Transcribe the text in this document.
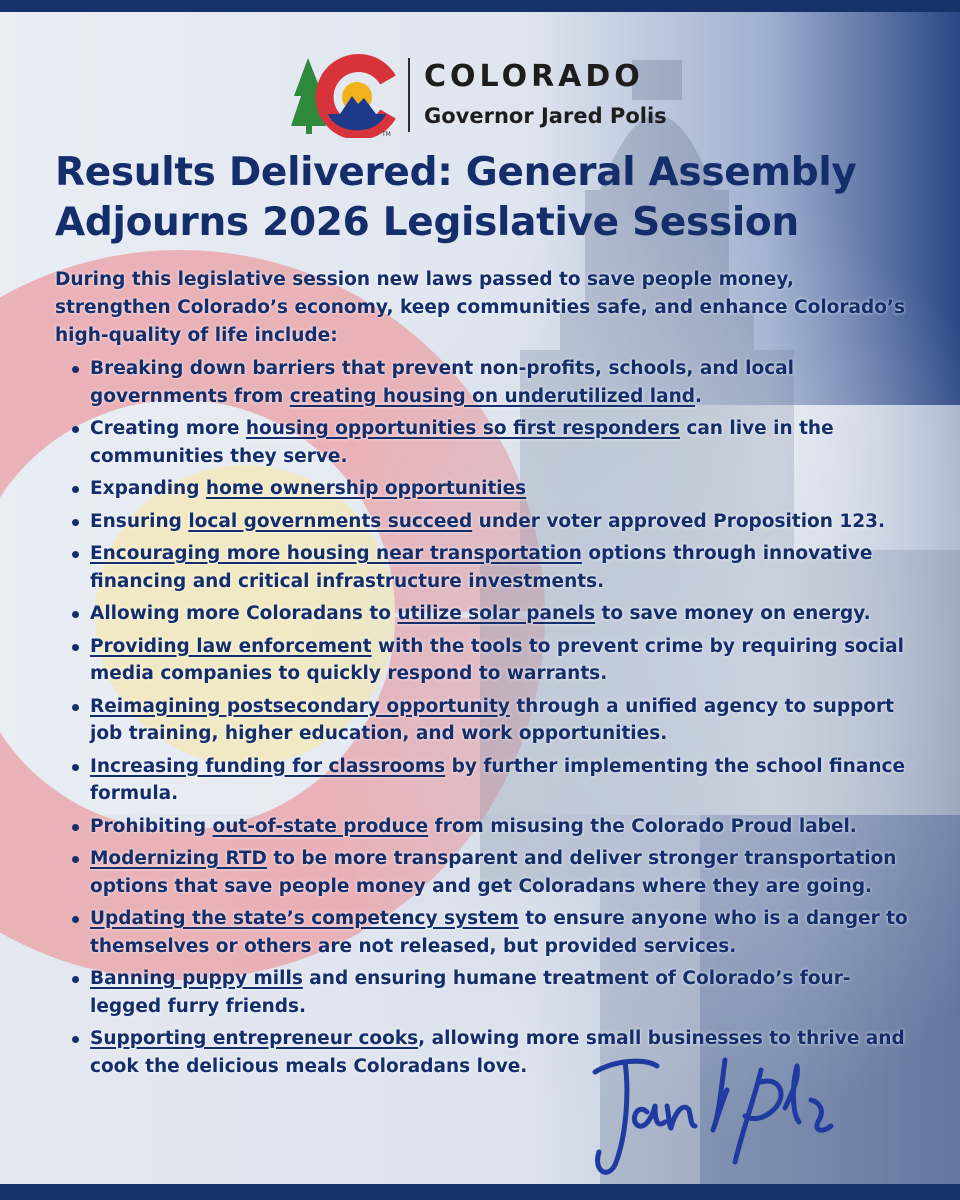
TM
COLORADO
Governor Jared Polis
Results Delivered: General Assembly Adjourns 2026 Legislative Session

During this legislative session new laws passed to save people money, strengthen Colorado’s economy, keep communities safe, and enhance Colorado’s high-quality of life include:

Breaking down barriers that prevent non-profits, schools, and local governments from creating housing on underutilized land.
Creating more housing opportunities so first responders can live in the communities they serve.
Expanding home ownership opportunities
Ensuring local governments succeed under voter approved Proposition 123.
Encouraging more housing near transportation options through innovative financing and critical infrastructure investments.
Allowing more Coloradans to utilize solar panels to save money on energy.
Providing law enforcement with the tools to prevent crime by requiring social media companies to quickly respond to warrants.
Reimagining postsecondary opportunity through a unified agency to support job training, higher education, and work opportunities.
Increasing funding for classrooms by further implementing the school finance formula.
Prohibiting out-of-state produce from misusing the Colorado Proud label.
Modernizing RTD to be more transparent and deliver stronger transportation options that save people money and get Coloradans where they are going.
Updating the state’s competency system to ensure anyone who is a danger to themselves or others are not released, but provided services.
Banning puppy mills and ensuring humane treatment of Colorado’s four-legged furry friends.
Supporting entrepreneur cooks, allowing more small businesses to thrive and cook the delicious meals Coloradans love.
